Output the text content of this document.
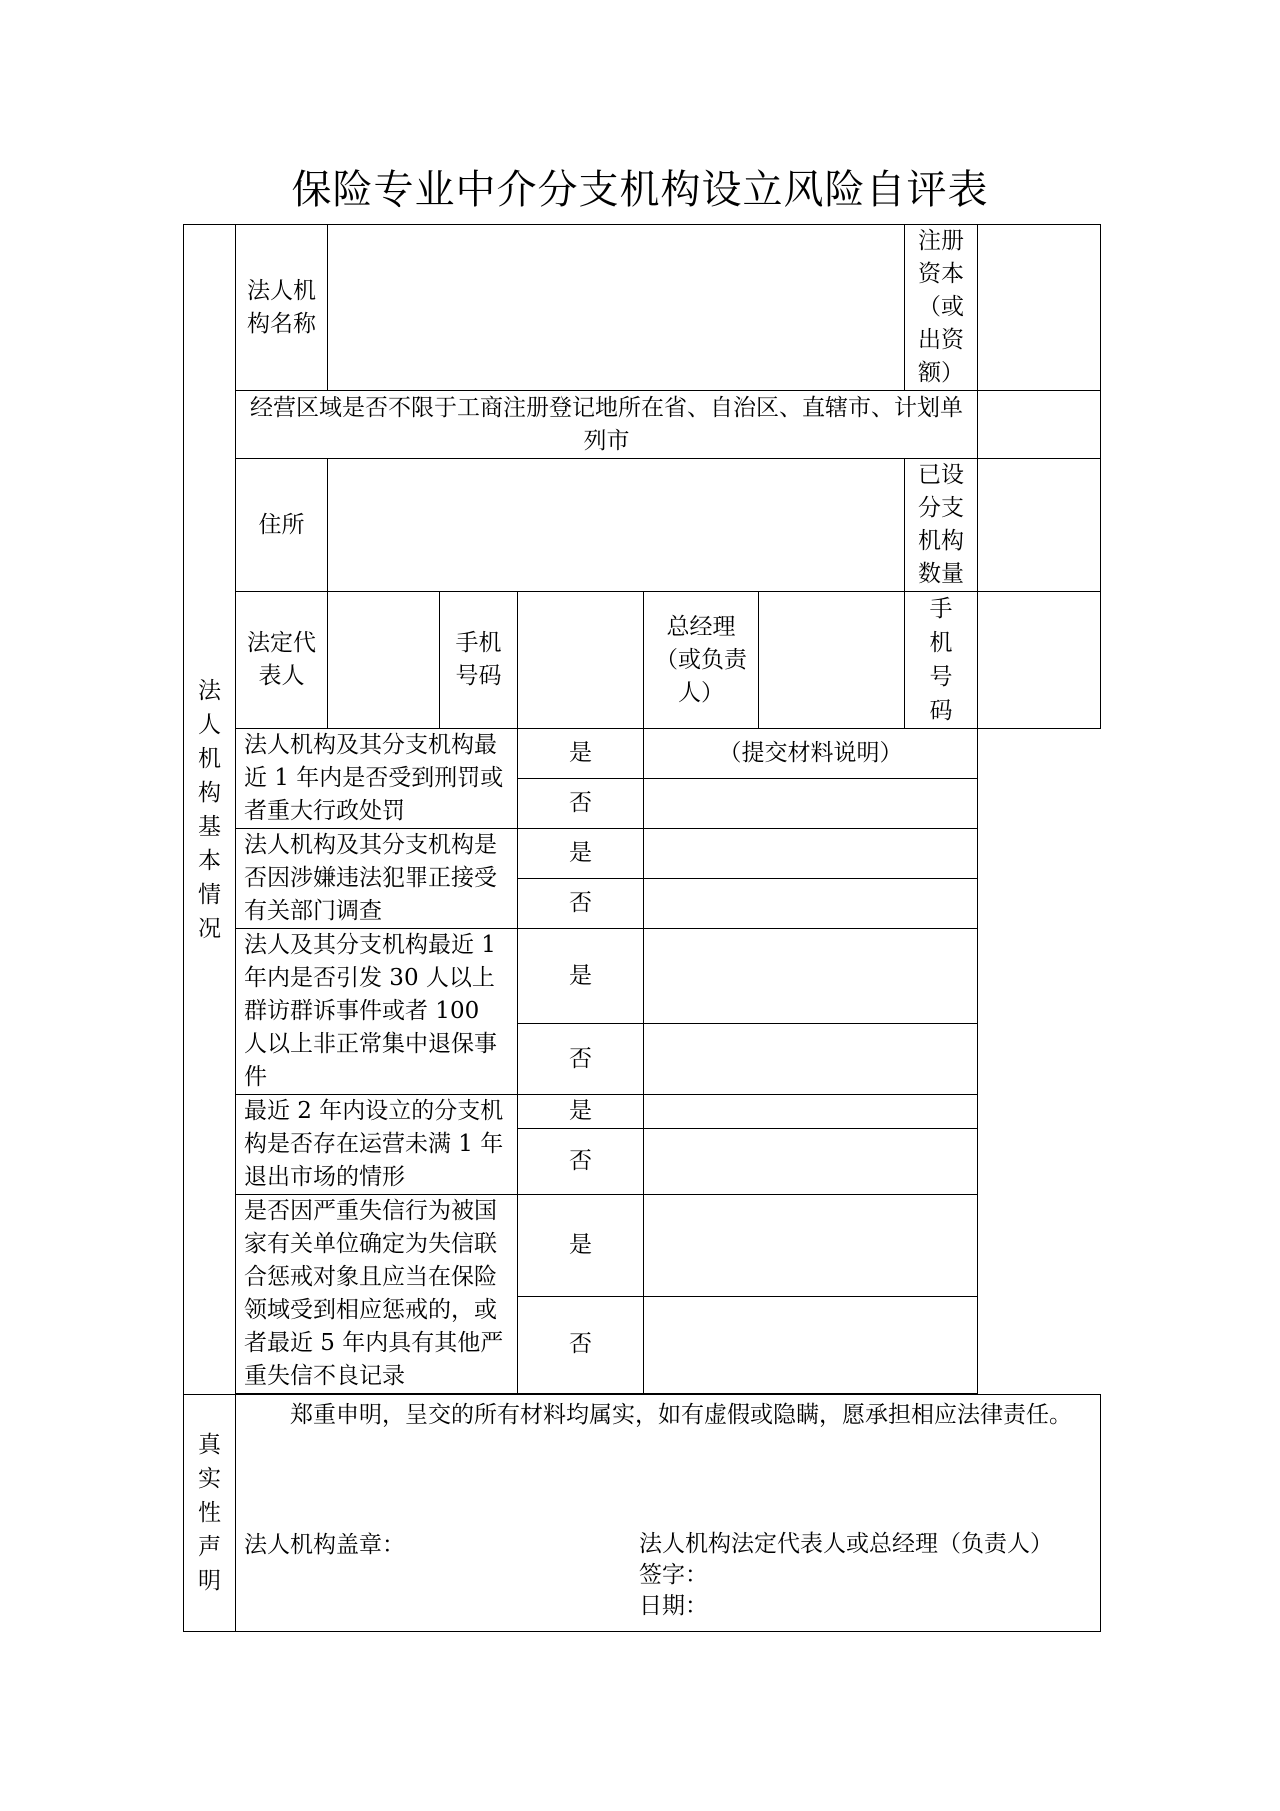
保险专业中介分支机构设立风险自评表
法人机构基本情况	法人机构名称						注册资本（或出资额）	
	经营区域是否不限于工商注册登记地所在省、自治区、直辖市、计划单列市							
	住所						已设分支机构数量	
	法定代表人		手机号码		总经理（或负责人）		手机号码	
	法人机构及其分支机构最近 1 年内是否受到刑罚或者重大行政处罚			是	（提交材料说明）			
				否				
	法人机构及其分支机构是否因涉嫌违法犯罪正接受有关部门调查			是				
				否				
	法人及其分支机构最近 1 年内是否引发 30 人以上群访群诉事件或者 100 人以上非正常集中退保事件			是				
				否				
	最近 2 年内设立的分支机构是否存在运营未满 1 年退出市场的情形			是				
				否				
	是否因严重失信行为被国家有关单位确定为失信联合惩戒对象且应当在保险领域受到相应惩戒的，或者最近 5 年内具有其他严重失信不良记录			是				
				否				

真实性声明	郑重申明，呈交的所有材料均属实，如有虚假或隐瞒，愿承担相应法律责任。
法人机构盖章： 法人机构法定代表人或总经理（负责人）
签字：
日期：							
